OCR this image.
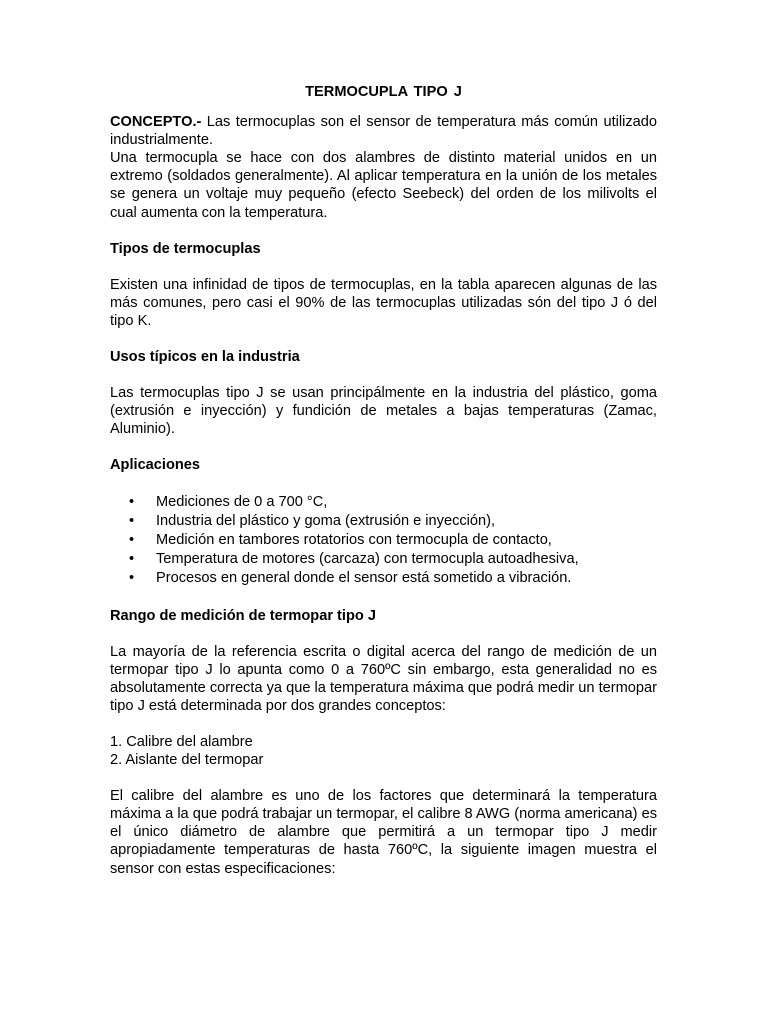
TERMOCUPLA TIPO J

CONCEPTO.- Las termocuplas son el sensor de temperatura más común utilizado industrialmente.

Una termocupla se hace con dos alambres de distinto material unidos en un extremo (soldados generalmente). Al aplicar temperatura en la unión de los metales se genera un voltaje muy pequeño (efecto Seebeck) del orden de los milivolts el cual aumenta con la temperatura.

Tipos de termocuplas

Existen una infinidad de tipos de termocuplas, en la tabla aparecen algunas de las más comunes, pero casi el 90% de las termocuplas utilizadas són del tipo J ó del tipo K.

Usos típicos en la industria

Las termocuplas tipo J se usan principálmente en la industria del plástico, goma (extrusión e inyección) y fundición de metales a bajas temperaturas (Zamac, Aluminio).

Aplicaciones

• Mediciones de 0 a 700 °C,
• Industria del plástico y goma (extrusión e inyección),
• Medición en tambores rotatorios con termocupla de contacto,
• Temperatura de motores (carcaza) con termocupla autoadhesiva,
• Procesos en general donde el sensor está sometido a vibración.

Rango de medición de termopar tipo J

La mayoría de la referencia escrita o digital acerca del rango de medición de un termopar tipo J lo apunta como 0 a 760ºC sin embargo, esta generalidad no es absolutamente correcta ya que la temperatura máxima que podrá medir un termopar tipo J está determinada por dos grandes conceptos:

1. Calibre del alambre
2. Aislante del termopar

El calibre del alambre es uno de los factores que determinará la temperatura máxima a la que podrá trabajar un termopar, el calibre 8 AWG (norma americana) es el único diámetro de alambre que permitirá a un termopar tipo J medir apropiadamente temperaturas de hasta 760ºC, la siguiente imagen muestra el sensor con estas especificaciones:
